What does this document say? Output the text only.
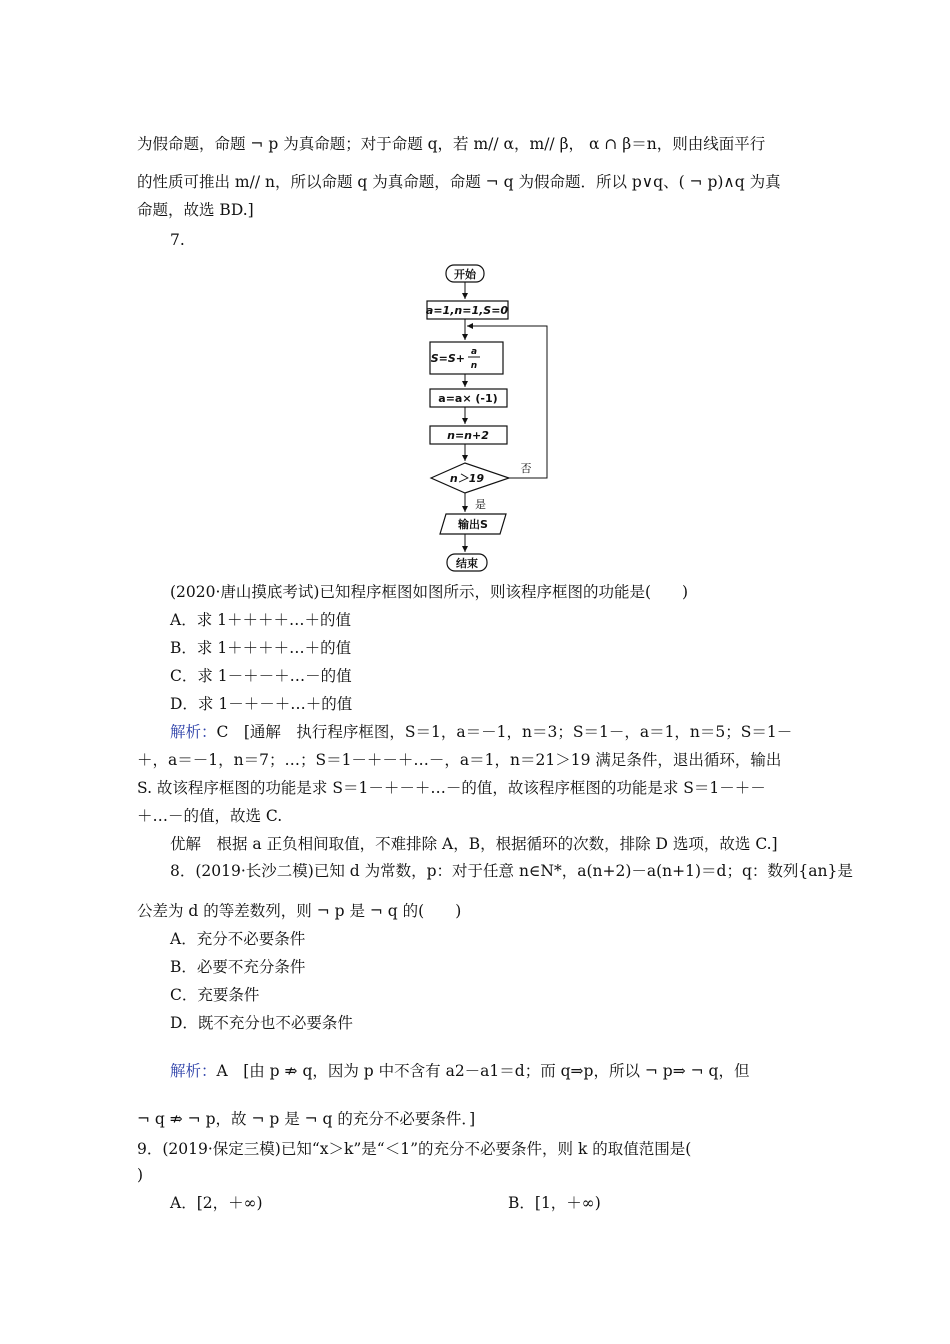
为假命题，命题 ¬ p 为真命题；对于命题 q，若 m// α，m// β， α ∩ β＝n，则由线面平行
的性质可推出 m// n，所以命题 q 为真命题，命题 ¬ q 为假命题．所以 p∨q、( ¬ p)∧q 为真
命题，故选 BD.]
7.
开始
a=1,n=1,S=0
S=S+ a
n
a=a× (-1)
n=n+2
n＞19
否
是
输出S
结束
(2020·唐山摸底考试)已知程序框图如图所示，则该程序框图的功能是(　　)
A．求 1＋＋＋＋…＋的值
B．求 1＋＋＋＋…＋的值
C．求 1－＋－＋…－的值
D．求 1－＋－＋…＋的值
解析：C　[通解　执行程序框图，S＝1，a＝－1，n＝3；S＝1－，a＝1，n＝5；S＝1－
＋，a＝－1，n＝7；…；S＝1－＋－＋…－，a＝1，n＝21＞19 满足条件，退出循环，输出
S. 故该程序框图的功能是求 S＝1－＋－＋…－的值，故该程序框图的功能是求 S＝1－＋－
＋…－的值，故选 C.
优解　根据 a 正负相间取值，不难排除 A，B，根据循环的次数，排除 D 选项，故选 C.]
8．(2019·长沙二模)已知 d 为常数，p：对于任意 n∈N*，a(n+2)－a(n+1)＝d；q：数列{an}是
公差为 d 的等差数列，则 ¬ p 是 ¬ q 的(　　)
A．充分不必要条件
B．必要不充分条件
C．充要条件
D．既不充分也不必要条件
解析：A　[由 p ⇏ q，因为 p 中不含有 a2－a1＝d；而 q⇒p，所以 ¬ p⇒ ¬ q，但
¬ q ⇏ ¬ p，故 ¬ p 是 ¬ q 的充分不必要条件．]
9．(2019·保定三模)已知“x＞k”是“＜1”的充分不必要条件，则 k 的取值范围是(
)
A．[2，＋∞)	B．[1，＋∞)
